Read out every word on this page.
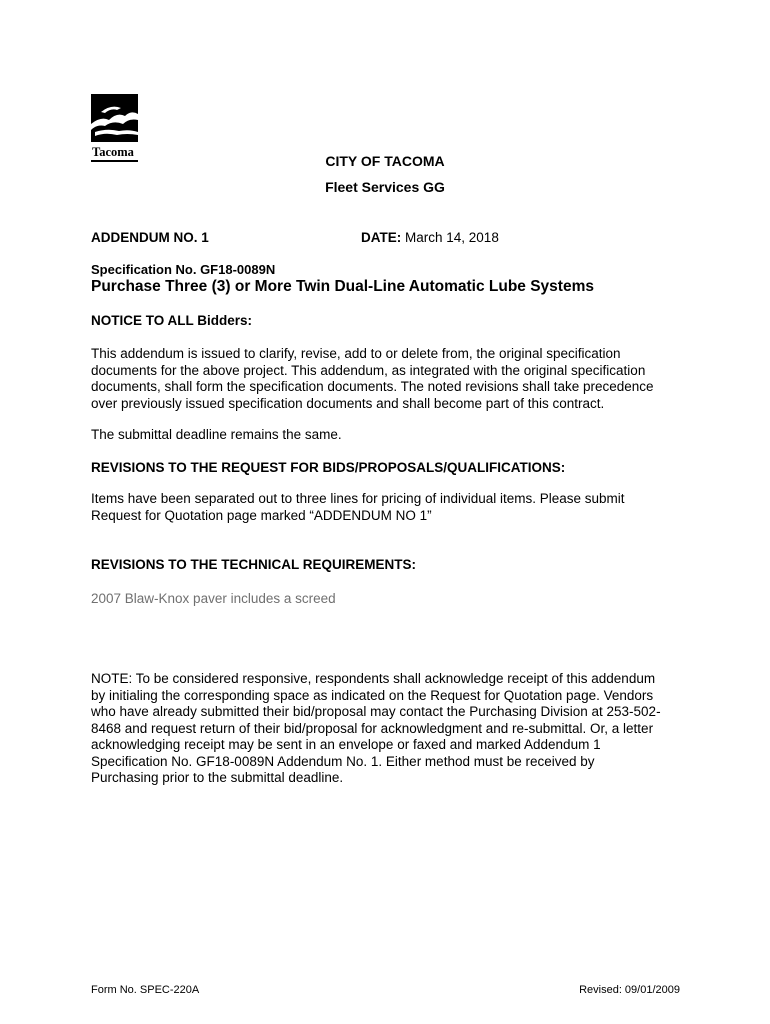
Tacoma
CITY OF TACOMA
Fleet Services GG
ADDENDUM NO. 1	DATE: March 14, 2018
Specification No. GF18-0089N
Purchase Three (3) or More Twin Dual-Line Automatic Lube Systems
NOTICE TO ALL Bidders:
This addendum is issued to clarify, revise, add to or delete from, the original specification
documents for the above project. This addendum, as integrated with the original specification
documents, shall form the specification documents. The noted revisions shall take precedence
over previously issued specification documents and shall become part of this contract.
The submittal deadline remains the same.
REVISIONS TO THE REQUEST FOR BIDS/PROPOSALS/QUALIFICATIONS:
Items have been separated out to three lines for pricing of individual items. Please submit
Request for Quotation page marked “ADDENDUM NO 1”
REVISIONS TO THE TECHNICAL REQUIREMENTS:
2007 Blaw-Knox paver includes a screed
NOTE: To be considered responsive, respondents shall acknowledge receipt of this addendum
by initialing the corresponding space as indicated on the Request for Quotation page. Vendors
who have already submitted their bid/proposal may contact the Purchasing Division at 253-502-
8468 and request return of their bid/proposal for acknowledgment and re-submittal. Or, a letter
acknowledging receipt may be sent in an envelope or faxed and marked Addendum 1
Specification No. GF18-0089N Addendum No. 1. Either method must be received by
Purchasing prior to the submittal deadline.
Form No. SPEC-220A	Revised: 09/01/2009
